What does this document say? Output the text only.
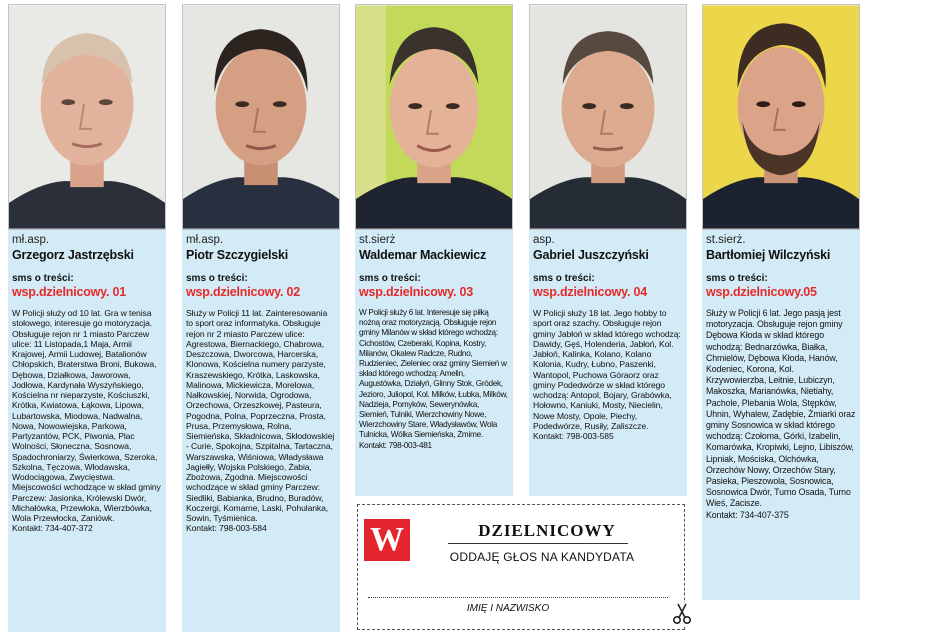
mł.asp.
Grzegorz Jastrzębski
sms o treści:
wsp.dzielnicowy. 01
W Policji służy od 10 lat. Gra w tenisa stołowego, interesuje go motoryzacja. Obsługuje rejon nr 1 miasto Parczew ulice: 11 Listopada,1 Maja, Armii Krajowej, Armii Ludowej, Batalionów Chłopskich, Braterstwa Broni, Bukowa, Dębowa, Działkowa, Jaworowa, Jodłowa, Kardynała Wyszyńskiego, Kościelna nr nieparzyste, Kościuszki, Krótka, Kwiatowa, Łąkowa, Lipowa, Lubartowska, Miodowa, Nadwalna, Nowa, Nowowiejska, Parkowa, Partyzantów, PCK, Piwonia, Plac Wolności, Słoneczna, Sosnowa, Spadochroniarzy, Świerkowa, Szeroka, Szkolna, Tęczowa, Włodawska, Wodociągowa, Zwycięstwa. Miejscowości wchodzące w skład gminy Parczew: Jasionka, Królewski Dwór, Michałówka, Przewłoka, Wierzbówka, Wola Przewłocka, Zaniówk.
Kontakt: 734-407-372
mł.asp.
Piotr Szczygielski
sms o treści:
wsp.dzielnicowy. 02
Służy w Policji 11 lat. Zainteresowania to sport oraz informatyka. Obsługuje rejon nr 2 miasto Parczew ulice: Agrestowa, Biernackiego, Chabrowa, Deszczowa, Dworcowa, Harcerska, Klonowa, Kościelna numery parzyste, Kraszewskiego, Krótka, Laskowska, Malinowa, Mickiewicza, Morelowa, Nałkowskiej, Norwida, Ogrodowa, Orzechowa, Orzeszkowej, Pasteura, Pogodna, Polna, Poprzeczna, Prosta, Prusa, Przemysłowa, Rolna, Siemieńska, Składnicowa, Skłodowskiej - Curie, Spokojna, Szpitalna, Tartaczna, Warszawska, Wiśniowa, Władysława Jagiełły, Wojska Polskiego, Żabia, Zbożowa, Zgodna. Miejscowości wchodzące w skład gminy Parczew: Siedliki, Babianka, Brudno, Buradów, Koczergi, Komarne, Laski, Pohulanka, Sowin, Tyśmienica.
Kontakt: 798-003-584
st.sierż
Waldemar Mackiewicz
sms o treści:
wsp.dzielnicowy. 03
W Policji służy 6 lat. Interesuje się piłką nożną oraz motoryzacją. Obsługuje rejon gminy Milanów w skład którego wchodzą: Cichostów, Czeberaki, Kopina, Kostry, Milanów, Okalew Radcze, Rudno, Rudzieniec, Zieleniec oraz gminy Siemień w skład którego wchodzą: Amelin, Augustówka, Działyń, Glinny Stok, Gródek, Jezioro, Juliopol, Kol. Milków, Łubka, Milków, Nadzieja, Pomyków, Sewerynówka, Siemień, Tulniki, Wierzchowiny Nowe, Wierzchowiny Stare, Władysławów, Wola Tulnicka, Wólka Siemieńska, Żmirne.
Kontakt: 798-003-481
asp.
Gabriel Juszczyński
sms o treści:
wsp.dzielnicowy. 04
W Policji służy 18 lat. Jego hobby to sport oraz szachy. Obsługuje rejon gminy Jabłoń w skład którego wchodzą: Dawidy, Gęś, Holenderia, Jabłoń, Kol. Jabłoń, Kalinka, Kolano, Kolano Kolonia, Kudry, Łubno, Paszenki, Wantopol, Puchowa Góraorz oraz gminy Podedwórze w skład którego wchodzą: Antopol, Bojary, Grabówka, Hołowno, Kaniuki, Mosty, Niecielin, Nowe Mosty, Opole, Piechy, Podedwórze, Rusiły, Zaliszcze.
Kontakt: 798-003-585
st.sierż.
Bartłomiej Wilczyński
sms o treści:
wsp.dzielnicowy.05
Służy w Policji 6 lat. Jego pasją jest motoryzacja. Obsługuje rejon gminy Dębowa Kłoda w skład którego wchodzą: Bednarzówka, Białka, Chmielów, Dębowa Kłoda, Hanów, Kodeniec, Korona, Kol. Krzywowierzba, Leitnie, Lubiczyn, Makoszka, Marianówka, Nietiahy, Pachole, Plebania Wola, Stępków, Uhnin, Wyhalew, Zadębie, Żmiarki oraz gminy Sosnowica w skład którego wchodzą: Czołoma, Górki, Izabelin, Komarówka, Kropiwki, Lejno, Libiszów, Lipniak, Mościska, Olchówka, Orzechów Nowy, Orzechów Stary, Pasieka, Pieszowola, Sosnowica, Sosnowica Dwór, Turno Osada, Turno Wieś, Zacisze.
Kontakt: 734-407-375
W	DZIELNICOWY
ODDAJĘ GŁOS NA KANDYDATA
IMIĘ I NAZWISKO
